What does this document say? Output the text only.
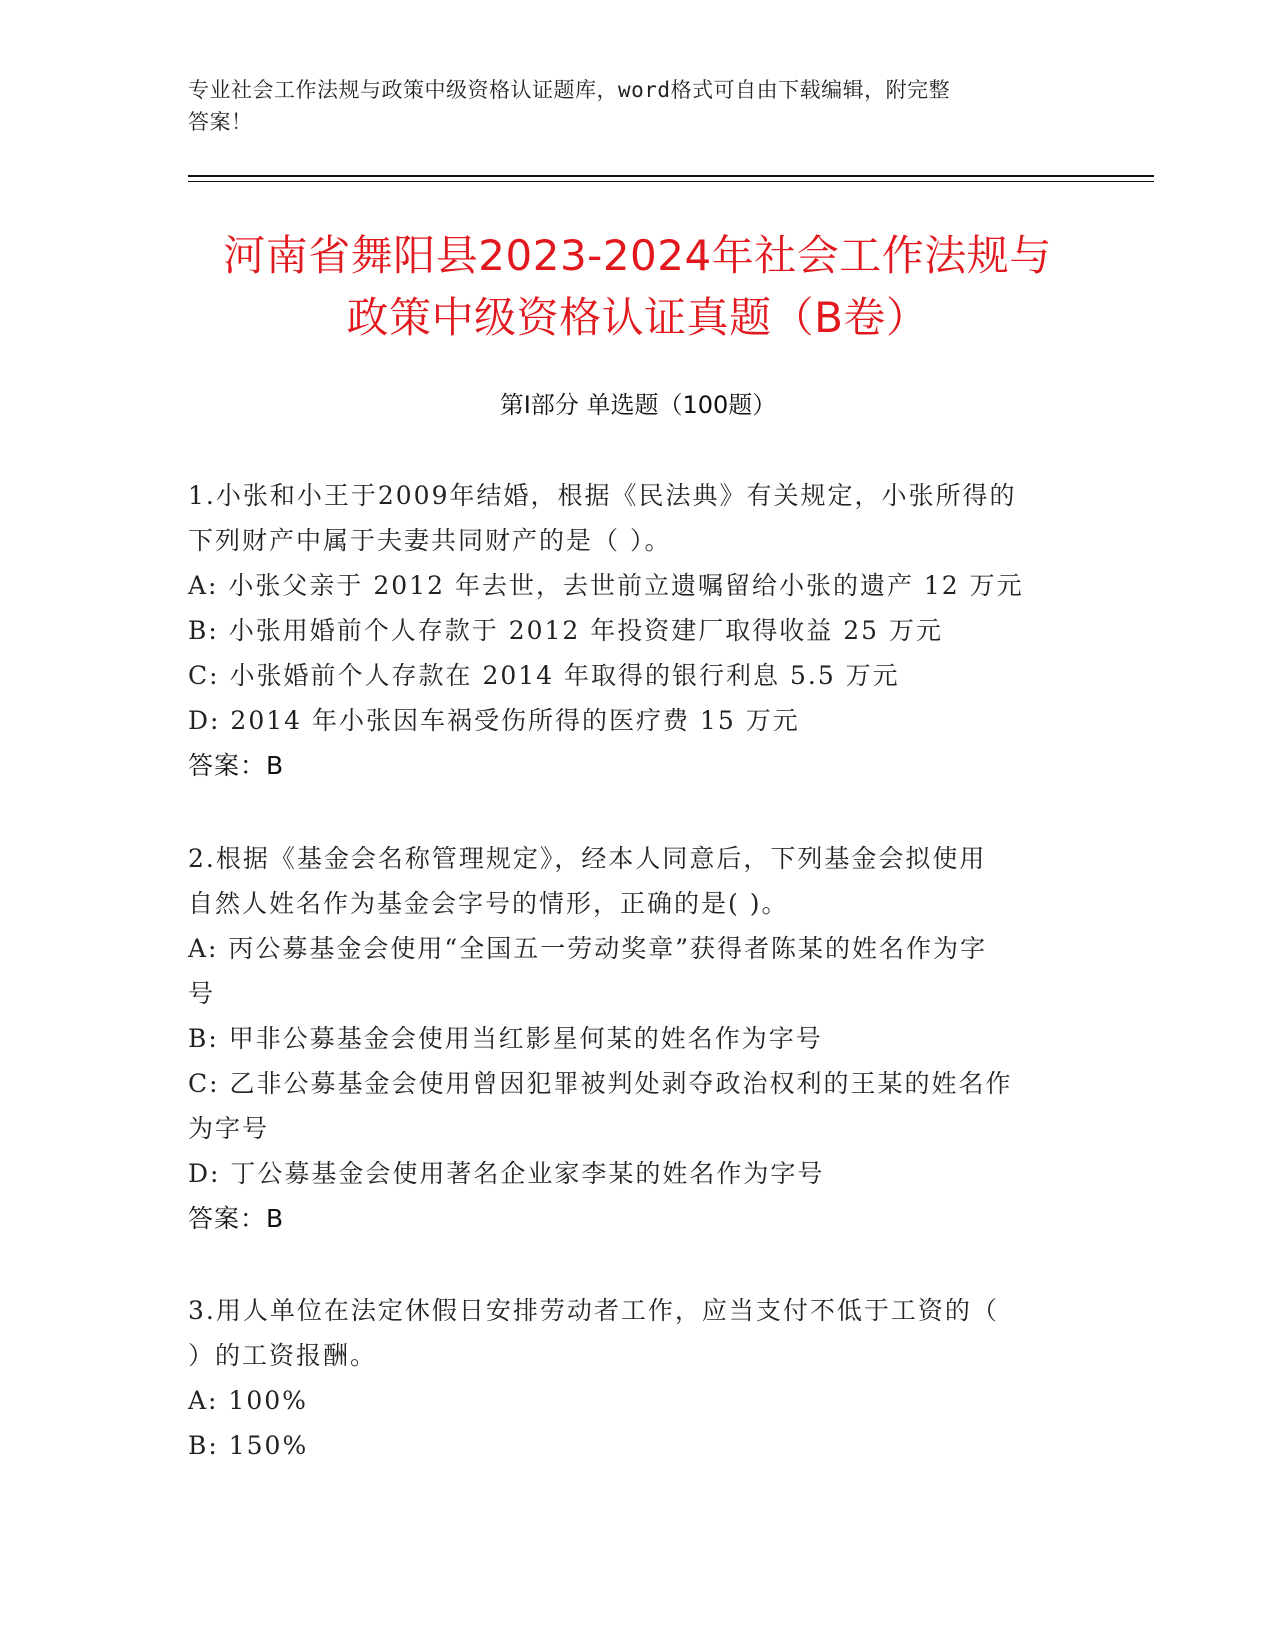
专业社会工作法规与政策中级资格认证题库，word格式可自由下载编辑，附完整
答案！
河南省舞阳县2023-2024年社会工作法规与
政策中级资格认证真题（B卷）
第I部分 单选题（100题）
1.小张和小王于2009年结婚，根据《民法典》有关规定，小张所得的
下列财产中属于夫妻共同财产的是（ ）。
A: 小张父亲于 2012 年去世，去世前立遗嘱留给小张的遗产 12 万元
B: 小张用婚前个人存款于 2012 年投资建厂取得收益 25 万元
C: 小张婚前个人存款在 2014 年取得的银行利息 5.5 万元
D: 2014 年小张因车祸受伤所得的医疗费 15 万元
答案：B
2.根据《基金会名称管理规定》，经本人同意后，下列基金会拟使用
自然人姓名作为基金会字号的情形，正确的是( )。
A: 丙公募基金会使用“全国五一劳动奖章”获得者陈某的姓名作为字
号
B: 甲非公募基金会使用当红影星何某的姓名作为字号
C: 乙非公募基金会使用曾因犯罪被判处剥夺政治权利的王某的姓名作
为字号
D: 丁公募基金会使用著名企业家李某的姓名作为字号
答案：B
3.用人单位在法定休假日安排劳动者工作，应当支付不低于工资的（
）的工资报酬。
A: 100%
B: 150%
